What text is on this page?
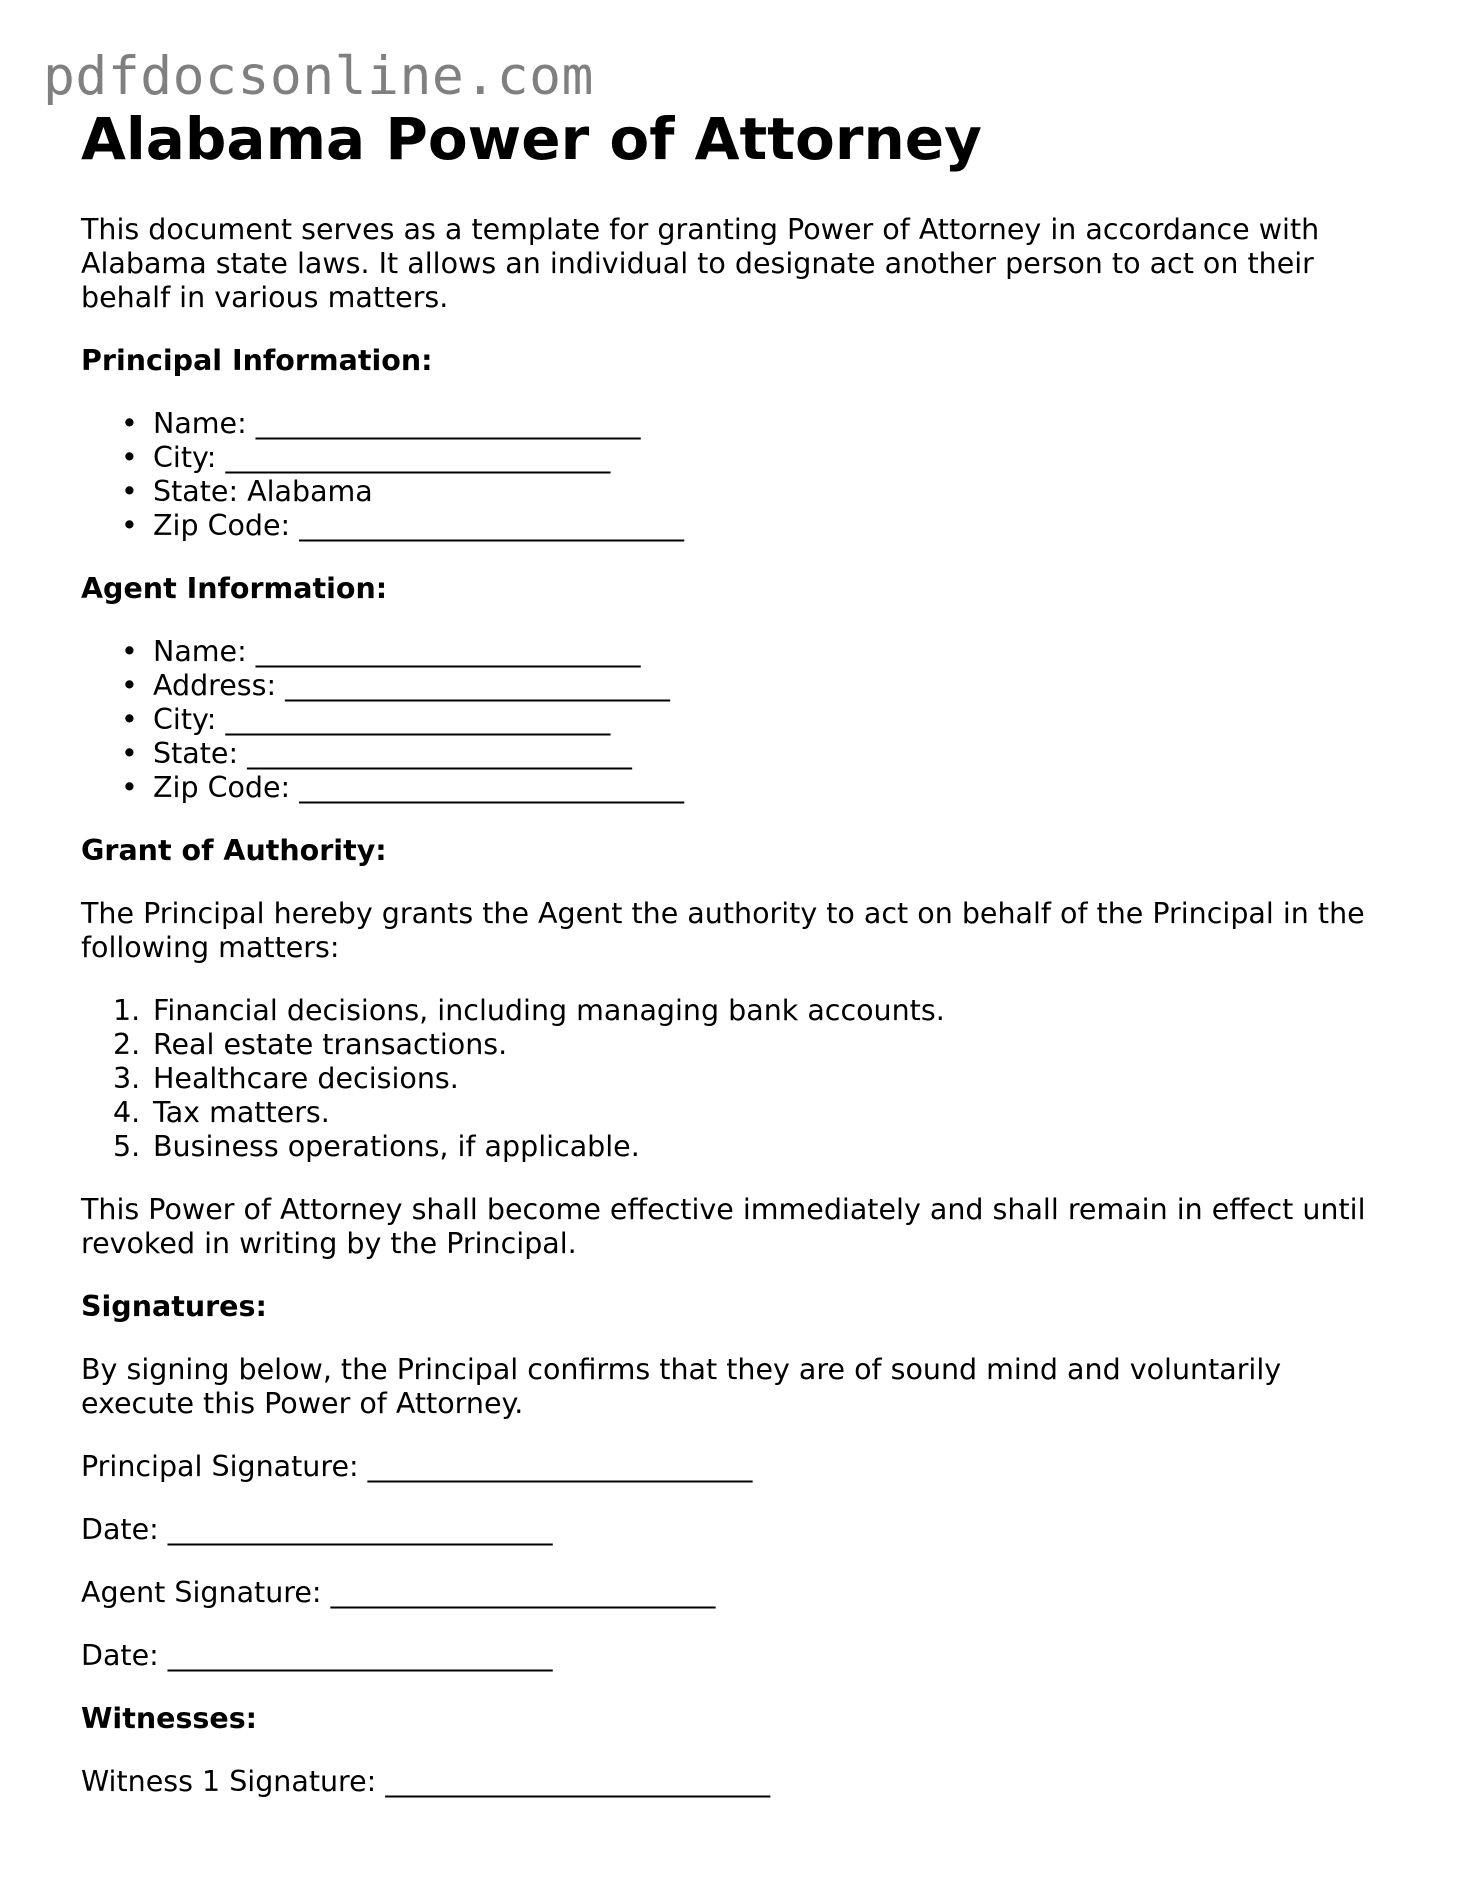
pdfdocsonline.com
Alabama Power of Attorney

This document serves as a template for granting Power of Attorney in accordance with Alabama state laws. It allows an individual to designate another person to act on their behalf in various matters.

Principal Information:
• Name: ___________________________
• City: ___________________________
• State: Alabama
• Zip Code: ___________________________
Agent Information:
• Name: ___________________________
• Address: ___________________________
• City: ___________________________
• State: ___________________________
• Zip Code: ___________________________
Grant of Authority:

The Principal hereby grants the Agent the authority to act on behalf of the Principal in the following matters:

1. Financial decisions, including managing bank accounts.
2. Real estate transactions.
3. Healthcare decisions.
4. Tax matters.
5. Business operations, if applicable.

This Power of Attorney shall become effective immediately and shall remain in effect until revoked in writing by the Principal.

Signatures:

By signing below, the Principal confirms that they are of sound mind and voluntarily execute this Power of Attorney.

Principal Signature: ___________________________

Date: ___________________________

Agent Signature: ___________________________

Date: ___________________________

Witnesses:

Witness 1 Signature: ___________________________
